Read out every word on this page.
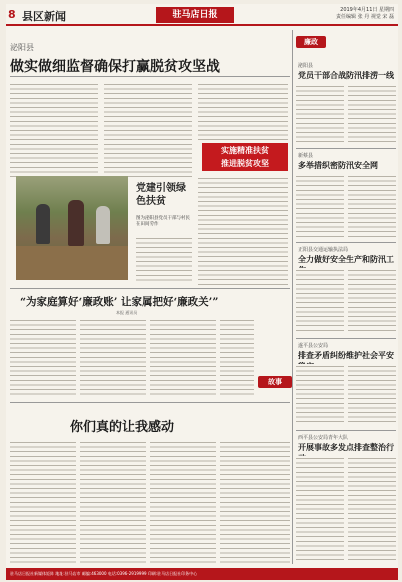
8 县区新闻	驻马店日报	2019年4月11日 星期四
责任编辑 张 丹 视觉 宋 磊
泌阳县
做实做细监督确保打赢脱贫攻坚战
实施精准扶贫
推进脱贫攻坚
党建引领绿色扶贫
图为泌阳县党员干部与村民在田间劳作
“为家庭算好‘廉政账’ 让家属把好‘廉政关’”
本报 通讯员
故事
你们真的让我感动
廉政
泌阳县
党员干部合战防汛排涝一线
新蔡县
多举措织密防汛安全网
正阳县交通运输执法局
全力做好安全生产和防汛工
遂平县公安局
排查矛盾纠纷维护社会平安
西平县公安局青年大队
开展事故多发点排查整治行
驻马店日报社新媒体矩阵 地址:驻马店市 邮编:463000 电话:0396-2919999 印刷:驻马店日报社印务中心
